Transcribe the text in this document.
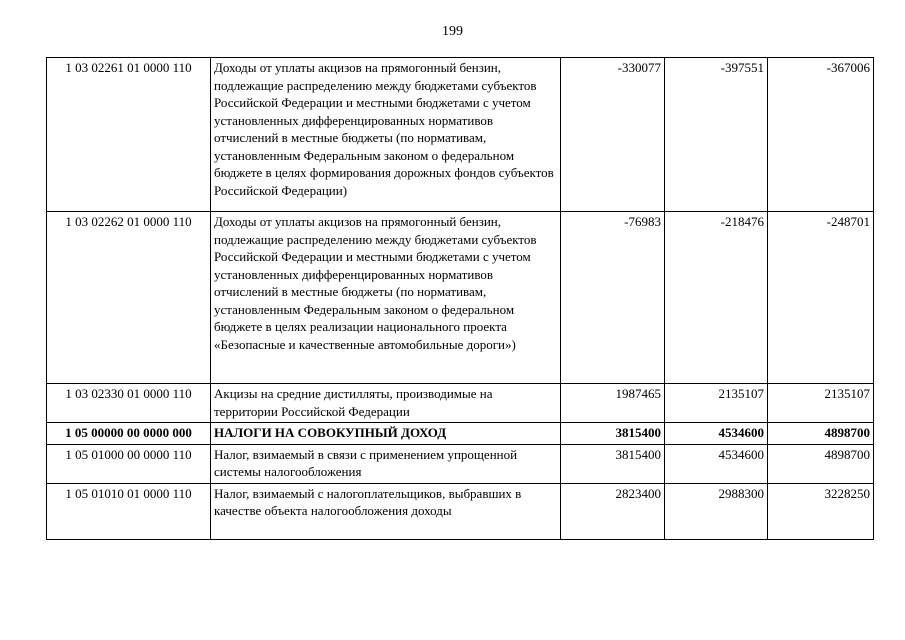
199
1 03 02261 01 0000 110	Доходы от уплаты акцизов на прямогонный бензин, подлежащие распределению между бюджетами субъектов Российской Федерации и местными бюджетами с учетом установленных дифференцированных нормативов отчислений в местные бюджеты (по нормативам, установленным Федеральным законом о федеральном бюджете в целях формирования дорожных фондов субъектов Российской Федерации)	-330077	-397551	-367006
1 03 02262 01 0000 110	Доходы от уплаты акцизов на прямогонный бензин, подлежащие распределению между бюджетами субъектов Российской Федерации и местными бюджетами с учетом установленных дифференцированных нормативов отчислений в местные бюджеты (по нормативам, установленным Федеральным законом о федеральном бюджете в целях реализации национального проекта «Безопасные и качественные автомобильные дороги»)	-76983	-218476	-248701
1 03 02330 01 0000 110	Акцизы на средние дистилляты, производимые на территории Российской Федерации	1987465	2135107	2135107
1 05 00000 00 0000 000	НАЛОГИ НА СОВОКУПНЫЙ ДОХОД	3815400	4534600	4898700
1 05 01000 00 0000 110	Налог, взимаемый в связи с применением упрощенной системы налогообложения	3815400	4534600	4898700
1 05 01010 01 0000 110	Налог, взимаемый с налогоплательщиков, выбравших в качестве объекта налогообложения доходы	2823400	2988300	3228250
